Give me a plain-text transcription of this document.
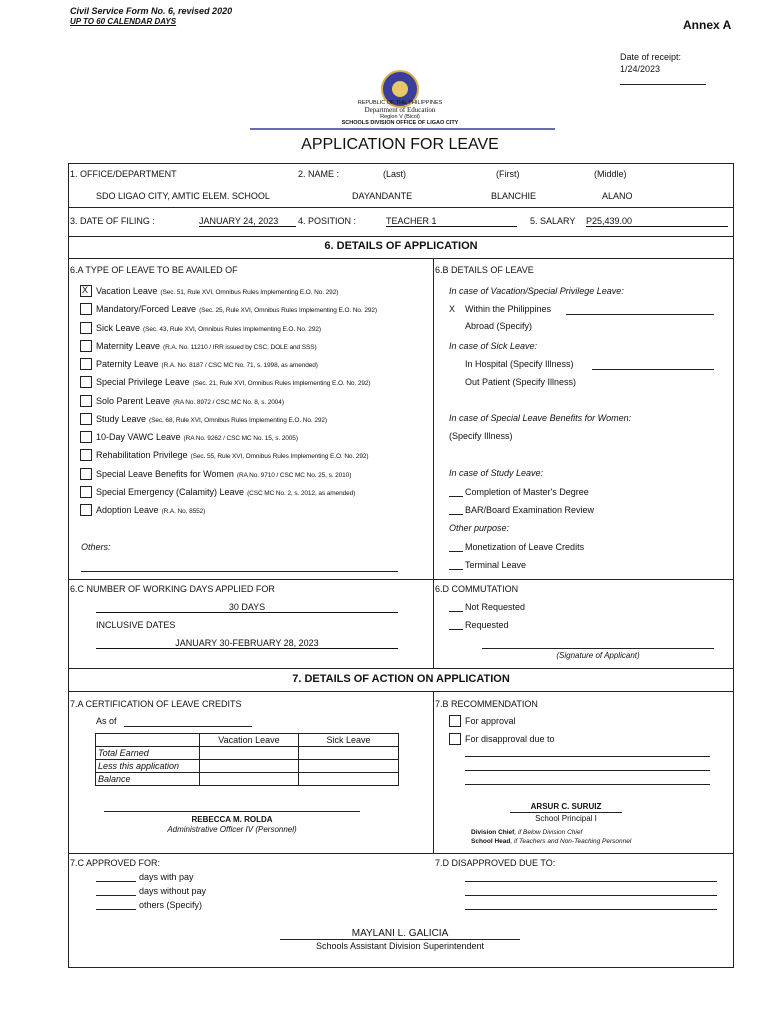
Civil Service Form No. 6, revised 2020
UP TO 60 CALENDAR DAYS	Annex A
Date of receipt:
1/24/2023
REPUBLIC OF THE PHILIPPINES
Department of Education
Region V (Bicol)
SCHOOLS DIVISION OFFICE OF LIGAO CITY
APPLICATION FOR LEAVE
1. OFFICE/DEPARTMENT	2. NAME :	(Last)	(First)	(Middle)
SDO LIGAO CITY, AMTIC ELEM. SCHOOL	DAYANDANTE	BLANCHIE	ALANO
3. DATE OF FILING :	JANUARY 24, 2023	4. POSITION :	TEACHER 1	5. SALARY P25,439.00
6. DETAILS OF APPLICATION
6.A TYPE OF LEAVE TO BE AVAILED OF
X Vacation Leave (Sec. 51, Rule XVI, Omnibus Rules Implementing E.O. No. 292)
Mandatory/Forced Leave (Sec. 25, Rule XVI, Omnibus Rules Implementing E.O. No. 292)
Sick Leave (Sec. 43, Rule XVI, Omnibus Rules Implementing E.O. No. 292)
Maternity Leave (R.A. No. 11210 / IRR issued by CSC, DOLE and SSS)
Paternity Leave (R.A. No. 8187 / CSC MC No. 71, s. 1998, as amended)
Special Privilege Leave (Sec. 21, Rule XVI, Omnibus Rules Implementing E.O. No. 292)
Solo Parent Leave (RA No. 8972 / CSC MC No. 8, s. 2004)
Study Leave (Sec. 68, Rule XVI, Omnibus Rules Implementing E.O. No. 292)
10-Day VAWC Leave (RA No. 9262 / CSC MC No. 15, s. 2005)
Rehabilitation Privilege (Sec. 55, Rule XVI, Omnibus Rules Implementing E.O. No. 292)
Special Leave Benefits for Women (RA No. 9710 / CSC MC No. 25, s. 2010)
Special Emergency (Calamity) Leave (CSC MC No. 2, s. 2012, as amended)
Adoption Leave (R.A. No. 8552)
Others:
6.B DETAILS OF LEAVE
In case of Vacation/Special Privilege Leave:
X Within the Philippines
Abroad (Specify)
In case of Sick Leave:
In Hospital (Specify Illness)
Out Patient (Specify Illness)
In case of Special Leave Benefits for Women:
(Specify Illness)
In case of Study Leave:
Completion of Master's Degree
BAR/Board Examination Review
Other purpose:
Monetization of Leave Credits
Terminal Leave
6.C NUMBER OF WORKING DAYS APPLIED FOR
30 DAYS
INCLUSIVE DATES
JANUARY 30-FEBRUARY 28, 2023
6.D COMMUTATION
Not Requested
Requested
(Signature of Applicant)
7. DETAILS OF ACTION ON APPLICATION
7.A CERTIFICATION OF LEAVE CREDITS
As of
	Vacation Leave	Sick Leave
Total Earned		
Less this application		
Balance		
REBECCA M. ROLDA
Administrative Officer IV (Personnel)
7.B RECOMMENDATION
For approval
For disapproval due to
ARSUR C. SURUIZ
School Principal I
Division Chief, if Below Division Chief
School Head, if Teachers and Non-Teaching Personnel
7.C APPROVED FOR:
days with pay
days without pay
others (Specify)
7.D DISAPPROVED DUE TO:
MAYLANI L. GALICIA
Schools Assistant Division Superintendent
